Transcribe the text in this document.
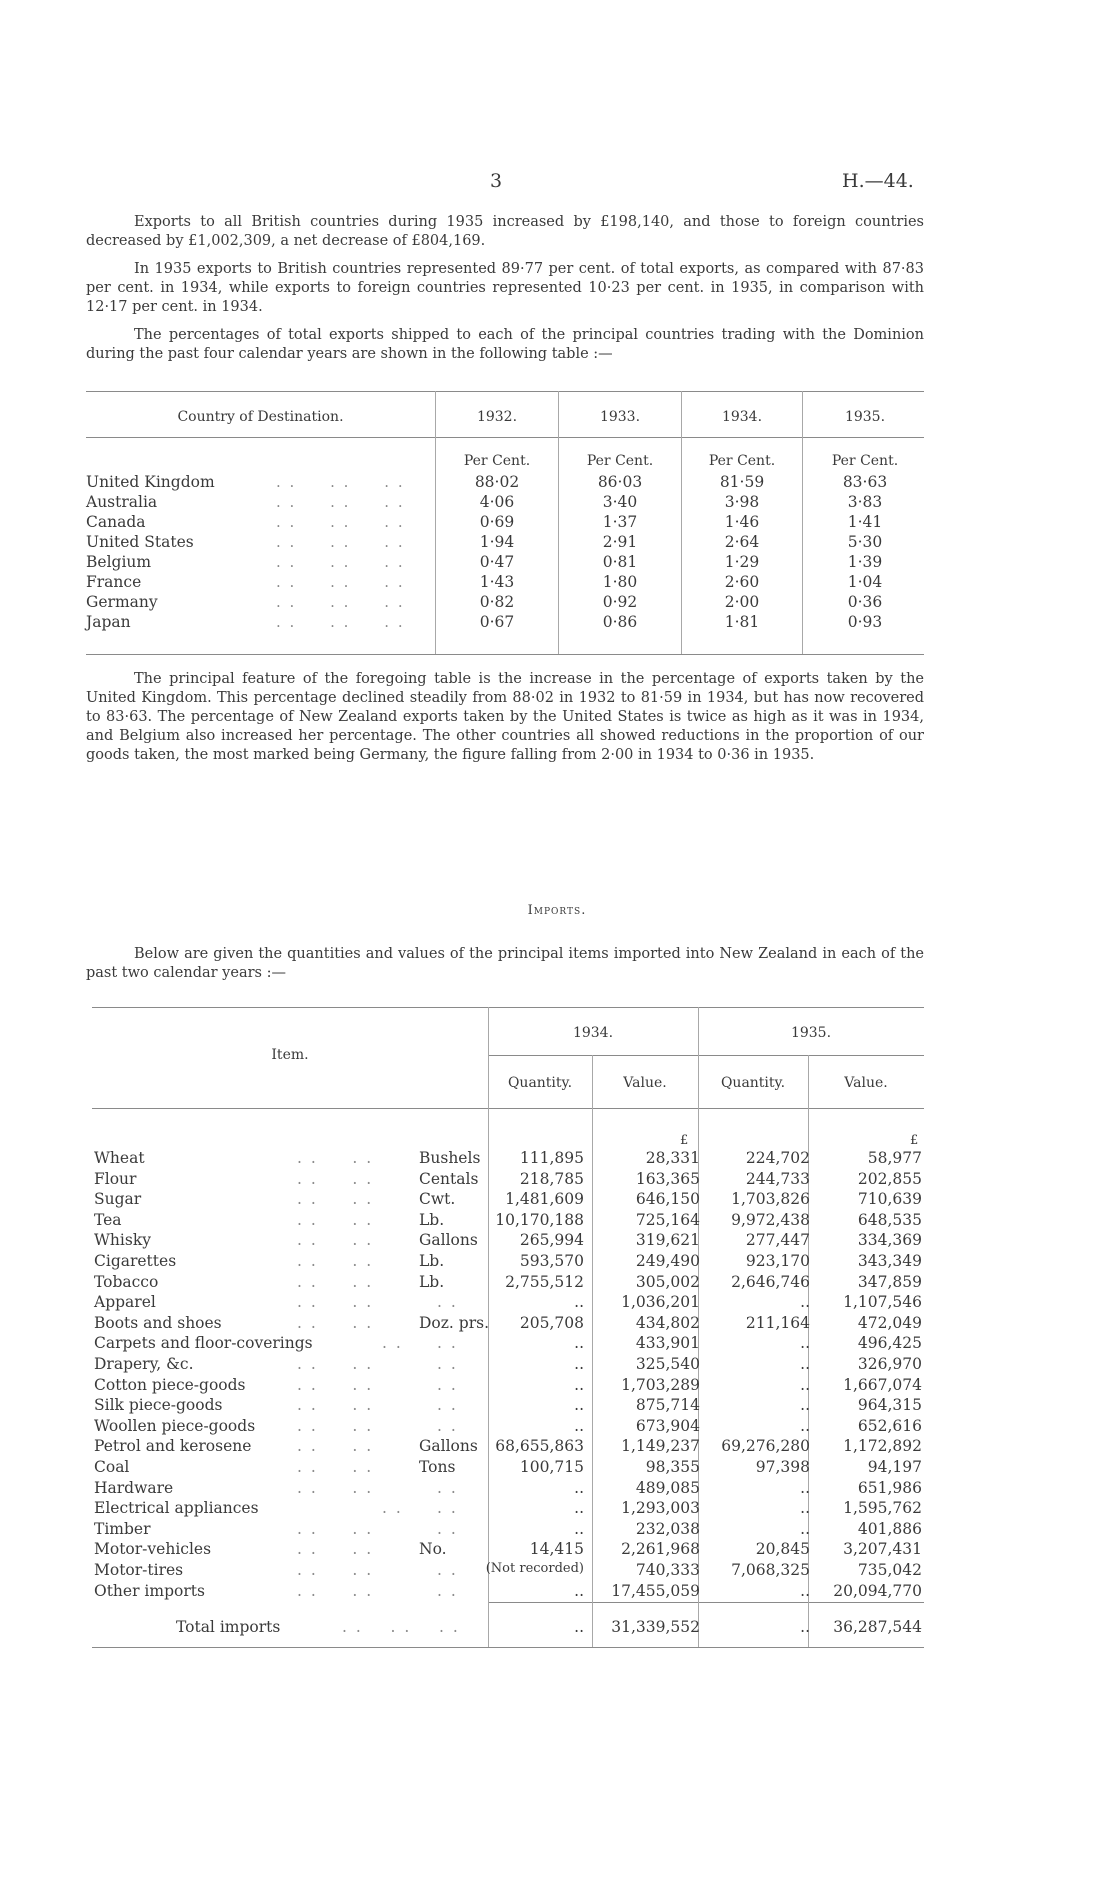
3	H.—44.
Exports to all British countries during 1935 increased by £198,140, and those to foreign countries decreased by £1,002,309, a net decrease of £804,169.
In 1935 exports to British countries represented 89·77 per cent. of total exports, as compared with 87·83 per cent. in 1934, while exports to foreign countries represented 10·23 per cent. in 1935, in comparison with 12·17 per cent. in 1934.
The percentages of total exports shipped to each of the principal countries trading with the Dominion during the past four calendar years are shown in the following table :—
Country of Destination.	1932.	1933.	1934.	1935.
Per Cent.	Per Cent.	Per Cent.	Per Cent.
United Kingdom	. .     . .     . .	88·02	86·03	81·59	83·63
Australia	. .     . .     . .	4·06	3·40	3·98	3·83
Canada	. .     . .     . .	0·69	1·37	1·46	1·41
United States	. .     . .     . .	1·94	2·91	2·64	5·30
Belgium	. .     . .     . .	0·47	0·81	1·29	1·39
France	. .     . .     . .	1·43	1·80	2·60	1·04
Germany	. .     . .     . .	0·82	0·92	2·00	0·36
Japan	. .     . .     . .	0·67	0·86	1·81	0·93
The principal feature of the foregoing table is the increase in the percentage of exports taken by the United Kingdom. This percentage declined steadily from 88·02 in 1932 to 81·59 in 1934, but has now recovered to 83·63. The percentage of New Zealand exports taken by the United States is twice as high as it was in 1934, and Belgium also increased her percentage. The other countries all showed reductions in the proportion of our goods taken, the most marked being Germany, the figure falling from 2·00 in 1934 to 0·36 in 1935.
Imports.
Below are given the quantities and values of the principal items imported into New Zealand in each of the past two calendar years :—
Item.
1934.	1935.
Quantity.	Value.	Quantity.	Value.
£	£
Wheat	. .     . .	Bushels	111,895	28,331	224,702	58,977
Flour	. .     . .	Centals	218,785	163,365	244,733	202,855
Sugar	. .     . .	Cwt.	1,481,609	646,150 1,703,826	710,639
Tea	. .     . .	Lb.	10,170,188	725,164 9,972,438	648,535
Whisky	. .     . .	Gallons	265,994	319,621	277,447	334,369
Cigarettes	. .     . .	Lb.	593,570	249,490	923,170	343,349
Tobacco	. .     . .	Lb.	2,755,512	305,002 2,646,746	347,859
Apparel	. .     . .	. .	.. 1,036,201	.. 1,107,546
Boots and shoes	. .     . .	Doz. prs. 205,708	434,802	211,164	472,049
Carpets and floor-coverings	. . . .	..	433,901	..	496,425
Drapery, &c.	. .     . .	. .	..	325,540	..	326,970
Cotton piece-goods	. .     . .	. .	.. 1,703,289	.. 1,667,074
Silk piece-goods	. .     . .	. .	..	875,714	..	964,315
Woollen piece-goods	. .     . .	. .	..	673,904	..	652,616
Petrol and kerosene	. .     . .	Gallons 68,655,863 1,149,237 69,276,280 1,172,892
Coal	. .     . .	Tons	100,715	98,355	97,398	94,197
Hardware	. .     . .	. .	..	489,085	..	651,986
Electrical appliances	. . . .	.. 1,293,003	.. 1,595,762
Timber	. .     . .	. .	..	232,038	..	401,886
Motor-vehicles	. .     . .	No.	14,415 2,261,968	20,845 3,207,431
Motor-tires	. .     . .	. . (Not recorded)	740,333 7,068,325	735,042
Other imports	. .     . .	. .	.. 17,455,059	.. 20,094,770
Total imports	. .    . .    . .	.. 31,339,552	.. 36,287,544
